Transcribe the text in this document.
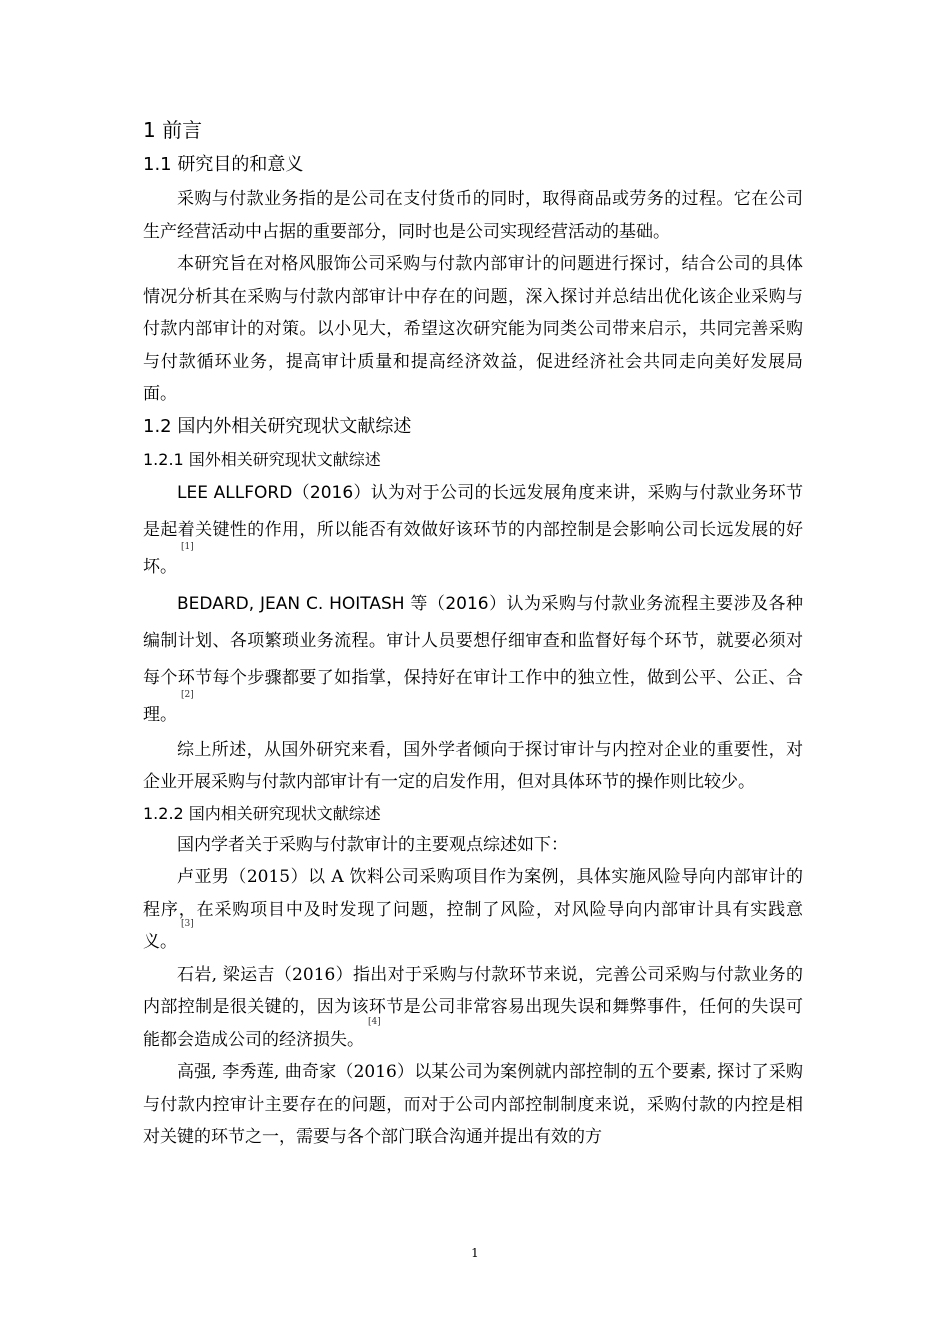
1 前言
1.1 研究目的和意义

采购与付款业务指的是公司在支付货币的同时，取得商品或劳务的过程。它在公司生产经营活动中占据的重要部分，同时也是公司实现经营活动的基础。

本研究旨在对格风服饰公司采购与付款内部审计的问题进行探讨，结合公司的具体情况分析其在采购与付款内部审计中存在的问题，深入探讨并总结出优化该企业采购与付款内部审计的对策。以小见大，希望这次研究能为同类公司带来启示，共同完善采购与付款循环业务，提高审计质量和提高经济效益，促进经济社会共同走向美好发展局面。

1.2 国内外相关研究现状文献综述
1.2.1 国外相关研究现状文献综述

LEE ALLFORD（2016）认为对于公司的长远发展角度来讲，采购与付款业务环节是起着关键性的作用，所以能否有效做好该环节的内部控制是会影响公司长远发展的好坏。[1]

BEDARD, JEAN C. HOITASH 等（2016）认为采购与付款业务流程主要涉及各种编制计划、各项繁琐业务流程。审计人员要想仔细审查和监督好每个环节，就要必须对每个环节每个步骤都要了如指掌，保持好在审计工作中的独立性，做到公平、公正、合理。[2]

综上所述，从国外研究来看，国外学者倾向于探讨审计与内控对企业的重要性，对企业开展采购与付款内部审计有一定的启发作用，但对具体环节的操作则比较少。

1.2.2 国内相关研究现状文献综述

国内学者关于采购与付款审计的主要观点综述如下：

卢亚男（2015）以 A 饮料公司采购项目作为案例，具体实施风险导向内部审计的程序，在采购项目中及时发现了问题，控制了风险，对风险导向内部审计具有实践意义。[3]

石岩, 梁运吉（2016）指出对于采购与付款环节来说，完善公司采购与付款业务的内部控制是很关键的，因为该环节是公司非常容易出现失误和舞弊事件，任何的失误可能都会造成公司的经济损失。[4]

高强, 李秀莲, 曲奇家（2016）以某公司为案例就内部控制的五个要素, 探讨了采购与付款内控审计主要存在的问题，而对于公司内部控制制度来说，采购付款的内控是相对关键的环节之一，需要与各个部门联合沟通并提出有效的方

1
